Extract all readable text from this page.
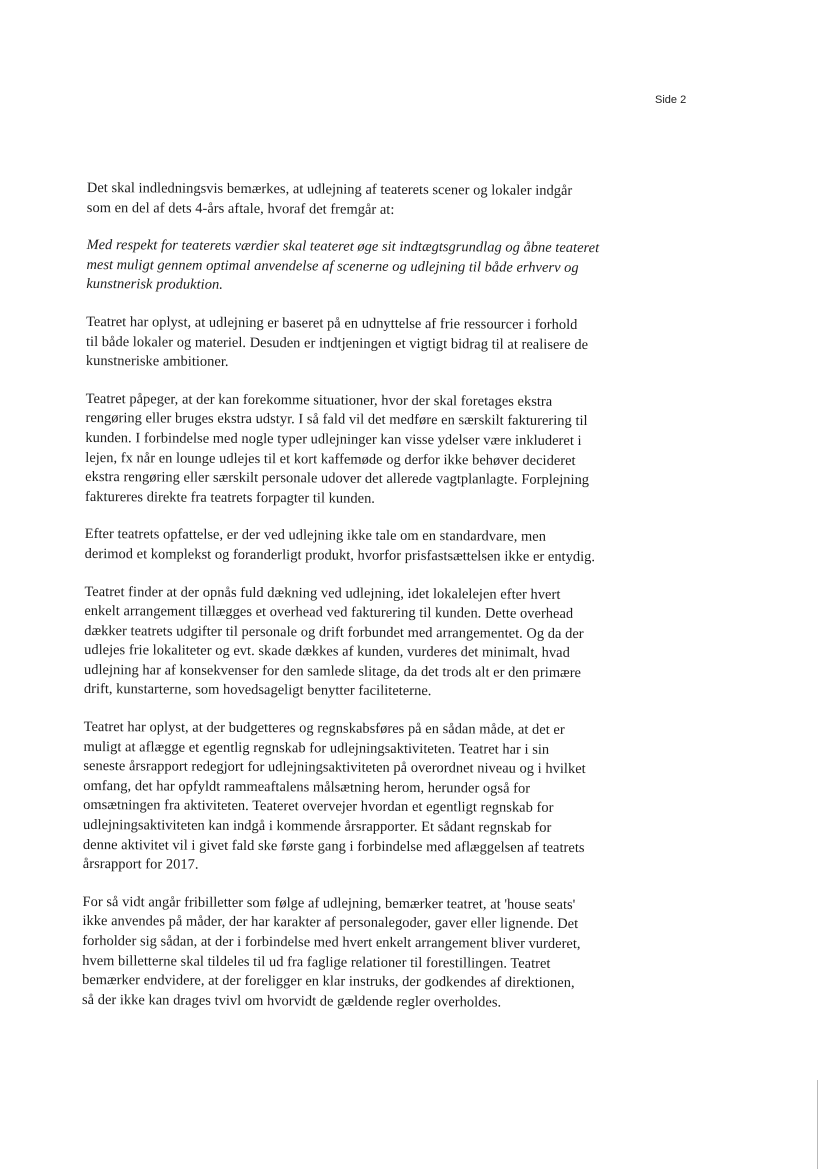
Side 2

Det skal indledningsvis bemærkes, at udlejning af teaterets scener og lokaler indgår
som en del af dets 4-års aftale, hvoraf det fremgår at:

Med respekt for teaterets værdier skal teateret øge sit indtægtsgrundlag og åbne teateret
mest muligt gennem optimal anvendelse af scenerne og udlejning til både erhverv og
kunstnerisk produktion.

Teatret har oplyst, at udlejning er baseret på en udnyttelse af frie ressourcer i forhold
til både lokaler og materiel. Desuden er indtjeningen et vigtigt bidrag til at realisere de
kunstneriske ambitioner.

Teatret påpeger, at der kan forekomme situationer, hvor der skal foretages ekstra
rengøring eller bruges ekstra udstyr. I så fald vil det medføre en særskilt fakturering til
kunden. I forbindelse med nogle typer udlejninger kan visse ydelser være inkluderet i
lejen, fx når en lounge udlejes til et kort kaffemøde og derfor ikke behøver decideret
ekstra rengøring eller særskilt personale udover det allerede vagtplanlagte. Forplejning
faktureres direkte fra teatrets forpagter til kunden.

Efter teatrets opfattelse, er der ved udlejning ikke tale om en standardvare, men
derimod et komplekst og foranderligt produkt, hvorfor prisfastsættelsen ikke er entydig.

Teatret finder at der opnås fuld dækning ved udlejning, idet lokalelejen efter hvert
enkelt arrangement tillægges et overhead ved fakturering til kunden. Dette overhead
dækker teatrets udgifter til personale og drift forbundet med arrangementet. Og da der
udlejes frie lokaliteter og evt. skade dækkes af kunden, vurderes det minimalt, hvad
udlejning har af konsekvenser for den samlede slitage, da det trods alt er den primære
drift, kunstarterne, som hovedsageligt benytter faciliteterne.

Teatret har oplyst, at der budgetteres og regnskabsføres på en sådan måde, at det er
muligt at aflægge et egentlig regnskab for udlejningsaktiviteten. Teatret har i sin
seneste årsrapport redegjort for udlejningsaktiviteten på overordnet niveau og i hvilket
omfang, det har opfyldt rammeaftalens målsætning herom, herunder også for
omsætningen fra aktiviteten. Teateret overvejer hvordan et egentligt regnskab for
udlejningsaktiviteten kan indgå i kommende årsrapporter. Et sådant regnskab for
denne aktivitet vil i givet fald ske første gang i forbindelse med aflæggelsen af teatrets
årsrapport for 2017.

For så vidt angår fribilletter som følge af udlejning, bemærker teatret, at 'house seats'
ikke anvendes på måder, der har karakter af personalegoder, gaver eller lignende. Det
forholder sig sådan, at der i forbindelse med hvert enkelt arrangement bliver vurderet,
hvem billetterne skal tildeles til ud fra faglige relationer til forestillingen. Teatret
bemærker endvidere, at der foreligger en klar instruks, der godkendes af direktionen,
så der ikke kan drages tvivl om hvorvidt de gældende regler overholdes.
